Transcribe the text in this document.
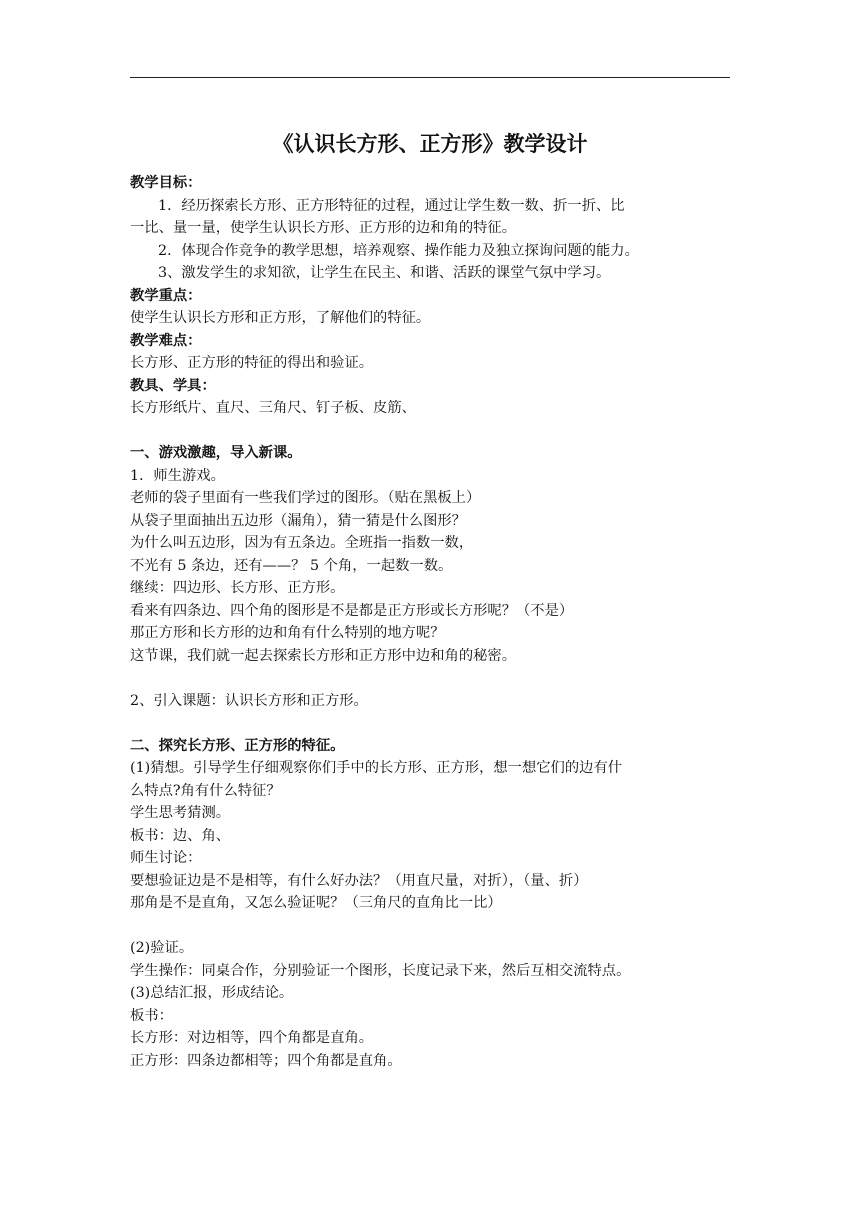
《认识长方形、正方形》教学设计
教学目标：
1．经历探索长方形、正方形特征的过程，通过让学生数一数、折一折、比
一比、量一量，使学生认识长方形、正方形的边和角的特征。
2．体现合作竞争的教学思想，培养观察、操作能力及独立探询问题的能力。
3、激发学生的求知欲，让学生在民主、和谐、活跃的课堂气氛中学习。
教学重点：
使学生认识长方形和正方形，了解他们的特征。
教学难点：
长方形、正方形的特征的得出和验证。
教具、学具：
长方形纸片、直尺、三角尺、钉子板、皮筋、
一、游戏激趣，导入新课。
1．师生游戏。
老师的袋子里面有一些我们学过的图形。（贴在黑板上）
从袋子里面抽出五边形（漏角），猜一猜是什么图形？
为什么叫五边形，因为有五条边。全班指一指数一数，
不光有 5 条边，还有——？ 5 个角，一起数一数。
继续：四边形、长方形、正方形。
看来有四条边、四个角的图形是不是都是正方形或长方形呢？（不是）
那正方形和长方形的边和角有什么特别的地方呢？
这节课，我们就一起去探索长方形和正方形中边和角的秘密。
2、引入课题：认识长方形和正方形。
二、探究长方形、正方形的特征。
(1)猜想。引导学生仔细观察你们手中的长方形、正方形，想一想它们的边有什
么特点?角有什么特征？
学生思考猜测。
板书：边、角、
师生讨论：
要想验证边是不是相等，有什么好办法？（用直尺量，对折），（量、折）
那角是不是直角，又怎么验证呢？（三角尺的直角比一比）
(2)验证。
学生操作：同桌合作，分别验证一个图形，长度记录下来，然后互相交流特点。
(3)总结汇报，形成结论。
板书：
长方形：对边相等，四个角都是直角。
正方形：四条边都相等；四个角都是直角。
